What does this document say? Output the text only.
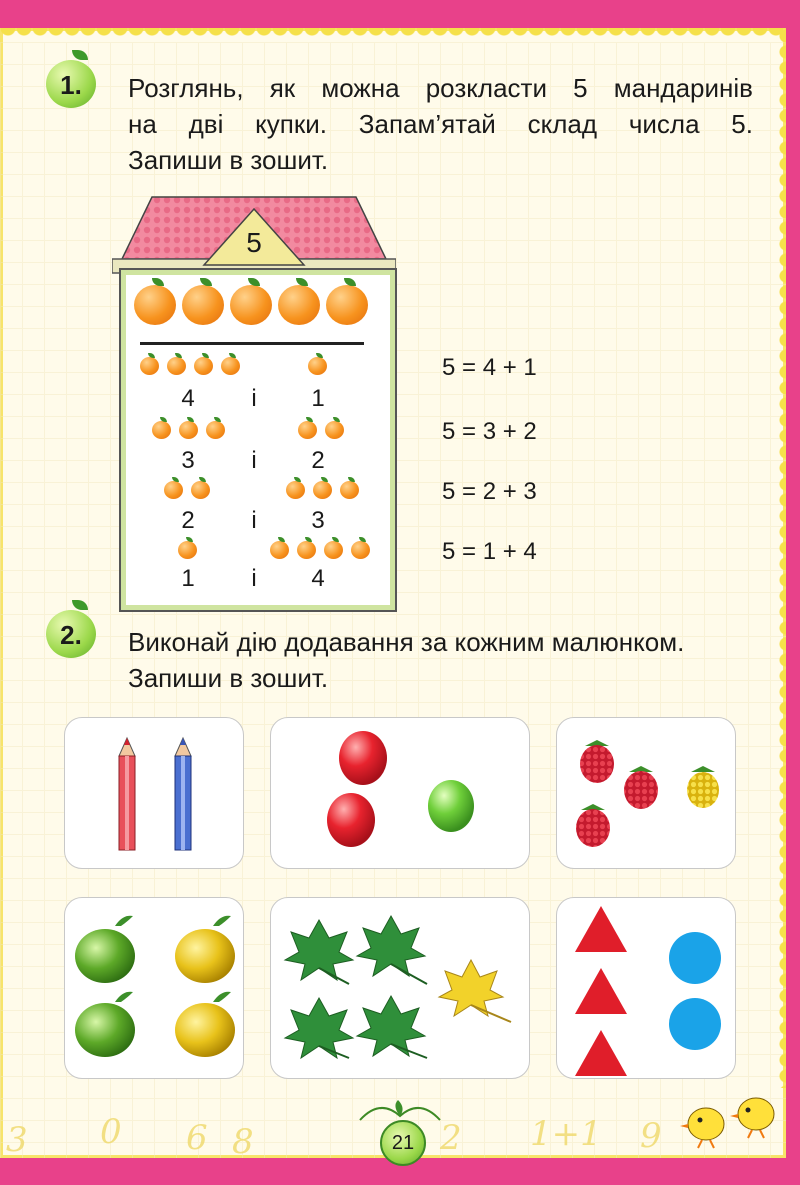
1.	Розглянь, як можна розкласти 5 мандаринів
на дві купки. Запам’ятай склад числа 5.
Запиши в зошит.
5
4	і	1
3	і	2
2	і	3
1	і	4
5 = 4 + 1
5 = 3 + 2
5 = 2 + 3
5 = 1 + 4
2.	Виконай дію додавання за кожним малюнком.
Запиши в зошит.
3 0 6 8	2 1+1 9
21
